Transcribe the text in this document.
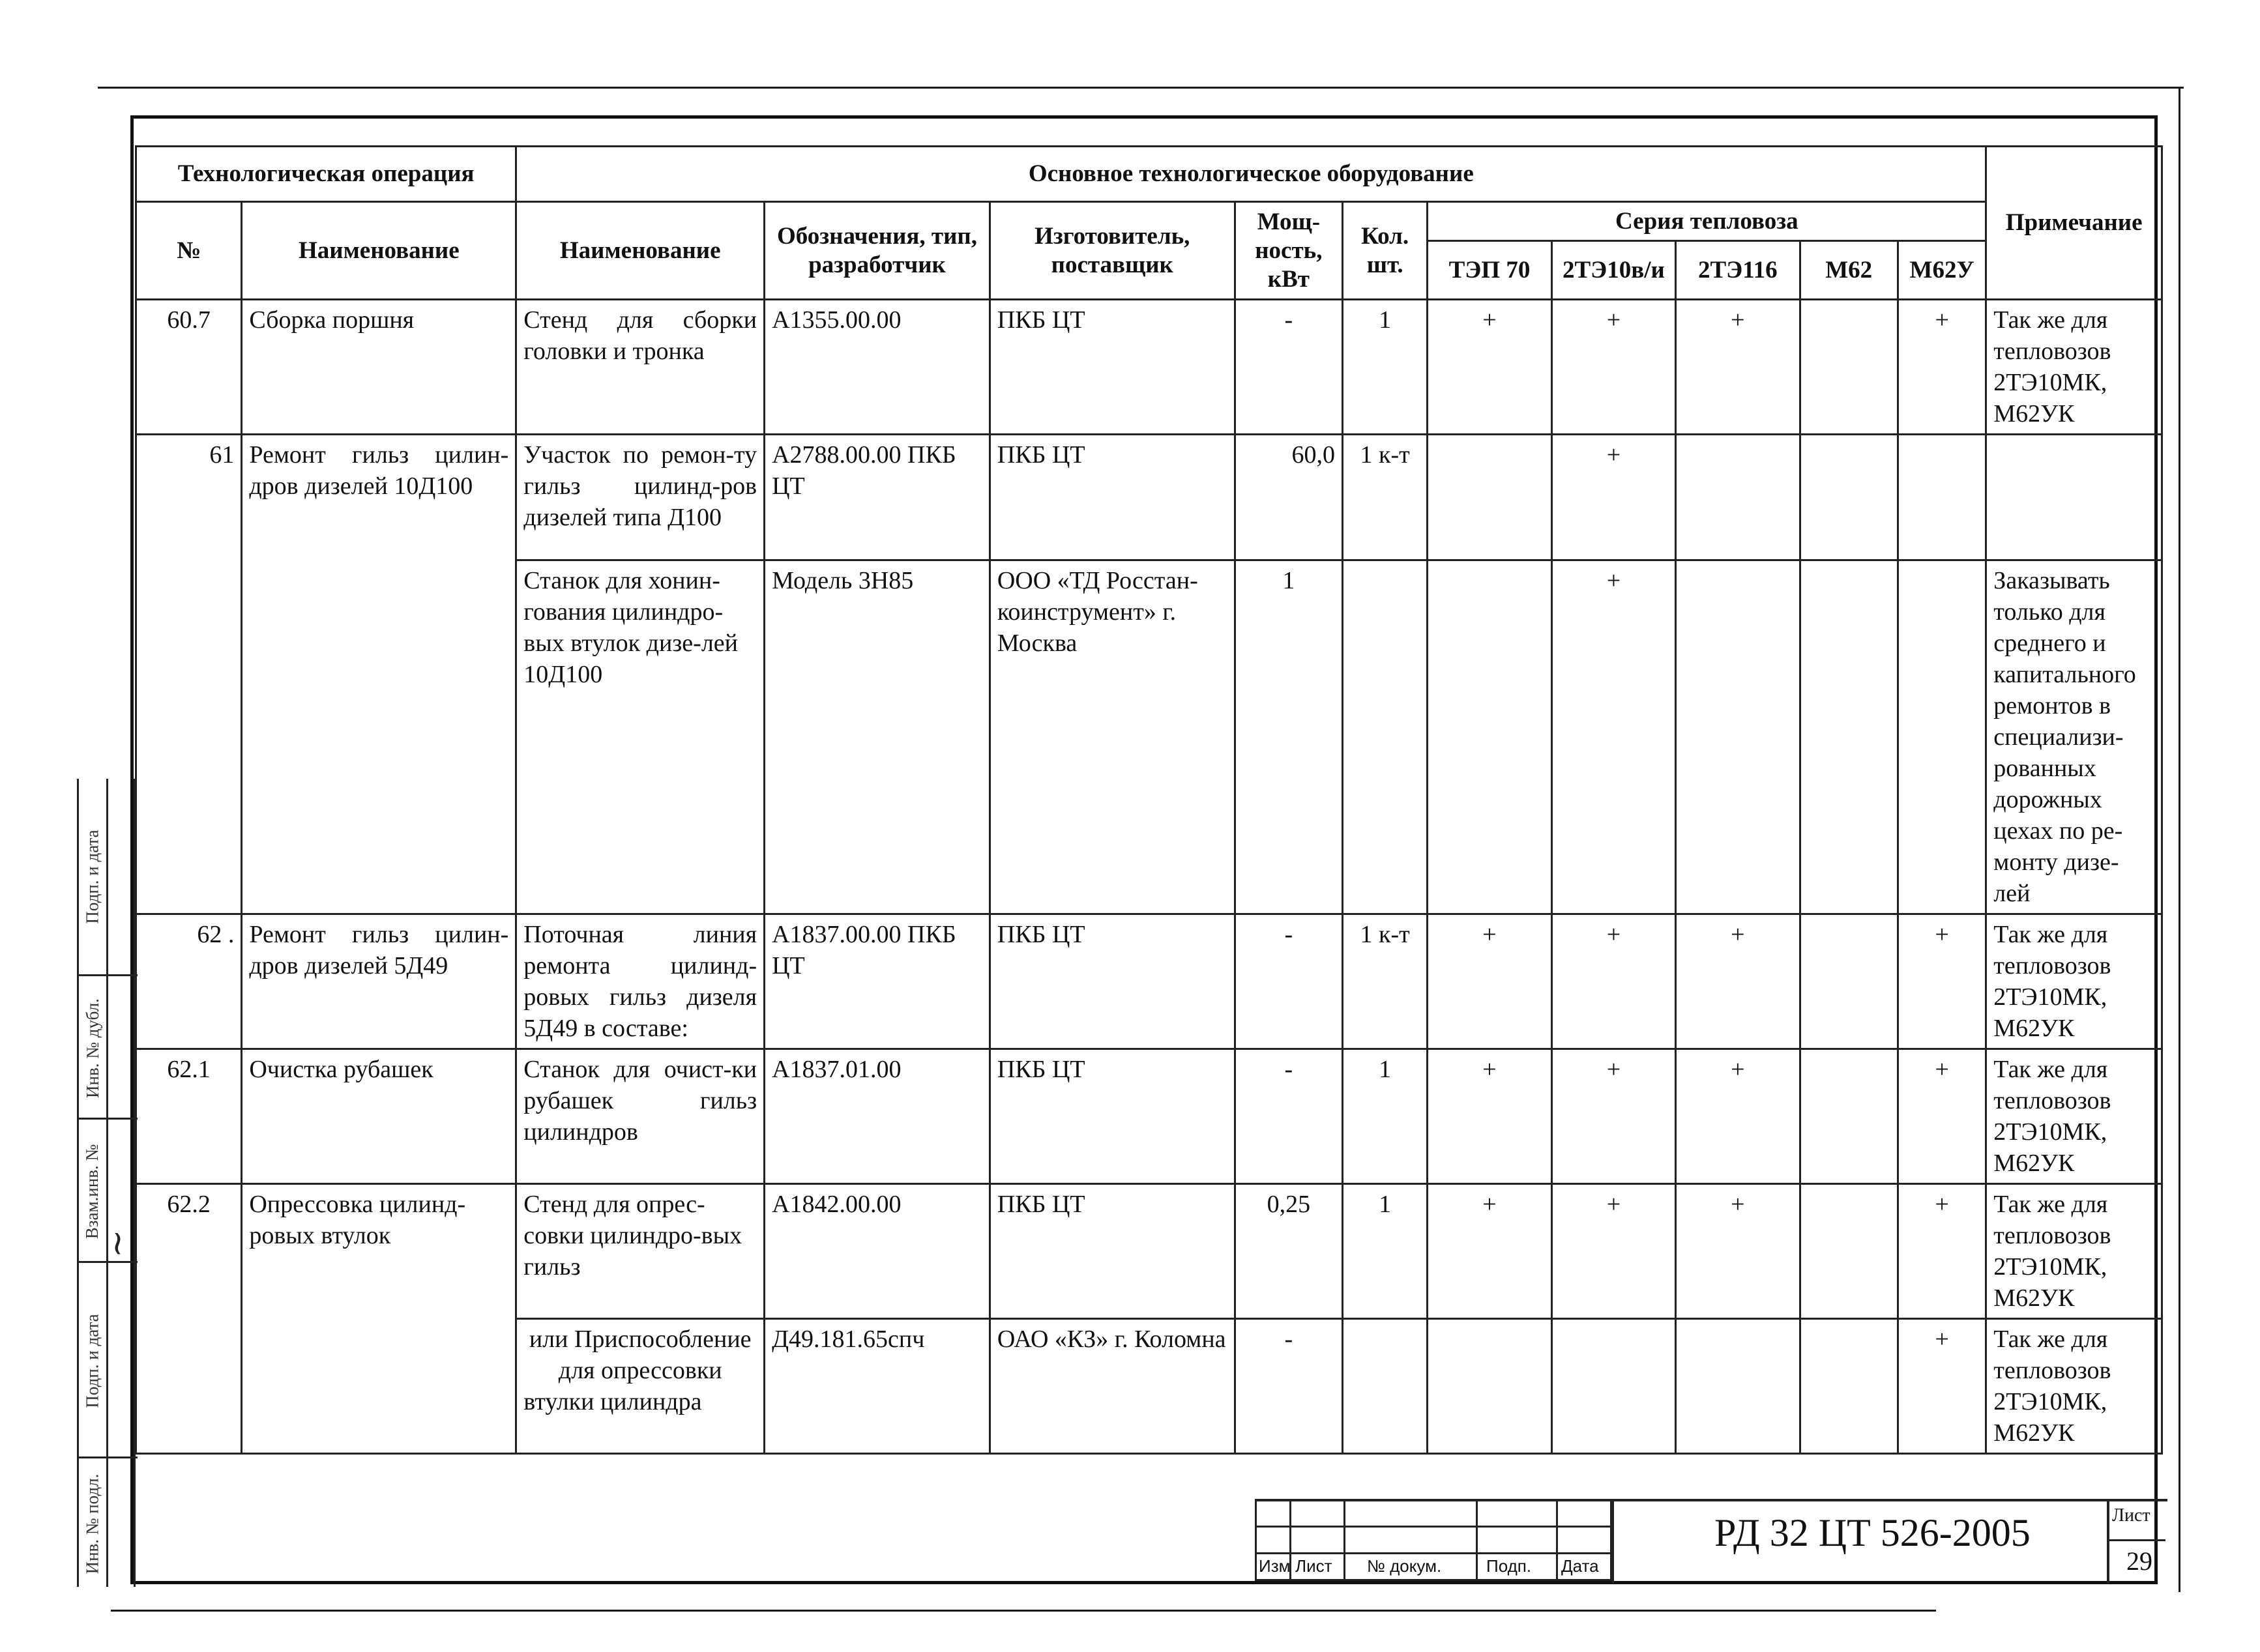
Технологическая операция		Основное технологическое оборудование										Примечание
№	Наименование	Наименование	Обозначения, тип, разработчик	Изготовитель, поставщик	Мощ-ность, кВт	Кол. шт.	Серия тепловоза					
							ТЭП 70	2ТЭ10в/и	2ТЭ116	М62	М62У	
60.7	Сборка поршня	Стенд для сборки головки и тронка	А1355.00.00	ПКБ ЦТ	-	1	+	+	+		+	Так же для тепловозов 2ТЭ10МК, М62УК
61	Ремонт гильз цилин-дров дизелей 10Д100	Участок по ремон-ту гильз цилинд-ров дизелей типа Д100	А2788.00.00 ПКБ ЦТ	ПКБ ЦТ	60,0	1 к-т		+				
		Станок для хонин-гования цилиндро-вых втулок дизе-лей 10Д100	Модель 3Н85	ООО «ТД Росстан-коинструмент» г. Москва	1			+				Заказывать только для среднего и капитального ремонтов в специализи-рованных дорожных цехах по ре-монту дизе-лей
62 .	Ремонт гильз цилин-дров дизелей 5Д49	Поточная линия ремонта цилинд-ровых гильз дизеля 5Д49 в составе:	А1837.00.00 ПКБ ЦТ	ПКБ ЦТ	-	1 к-т	+	+	+		+	Так же для тепловозов 2ТЭ10МК, М62УК
62.1	Очистка рубашек	Станок для очист-ки рубашек гильз цилиндров	А1837.01.00	ПКБ ЦТ	-	1	+	+	+		+	Так же для тепловозов 2ТЭ10МК, М62УК
62.2	Опрессовка цилинд-ровых втулок	Стенд для опрес-совки цилиндро-вых гильз	А1842.00.00	ПКБ ЦТ	0,25	1	+	+	+		+	Так же для тепловозов 2ТЭ10МК, М62УК

		или Приспособление для опрессовки втулки цилиндра	Д49.181.65спч	ОАО «КЗ» г. Коломна	-						+	Так же для тепловозов 2ТЭ10МК, М62УК
Подп. и дата
Инв. № дубл.
Взам.инв. №
Подп. и дата
Инв. № подл.
~

Изм Лист № докум.	Подп. Дата
РД 32 ЦТ 526-2005	Лист
29
